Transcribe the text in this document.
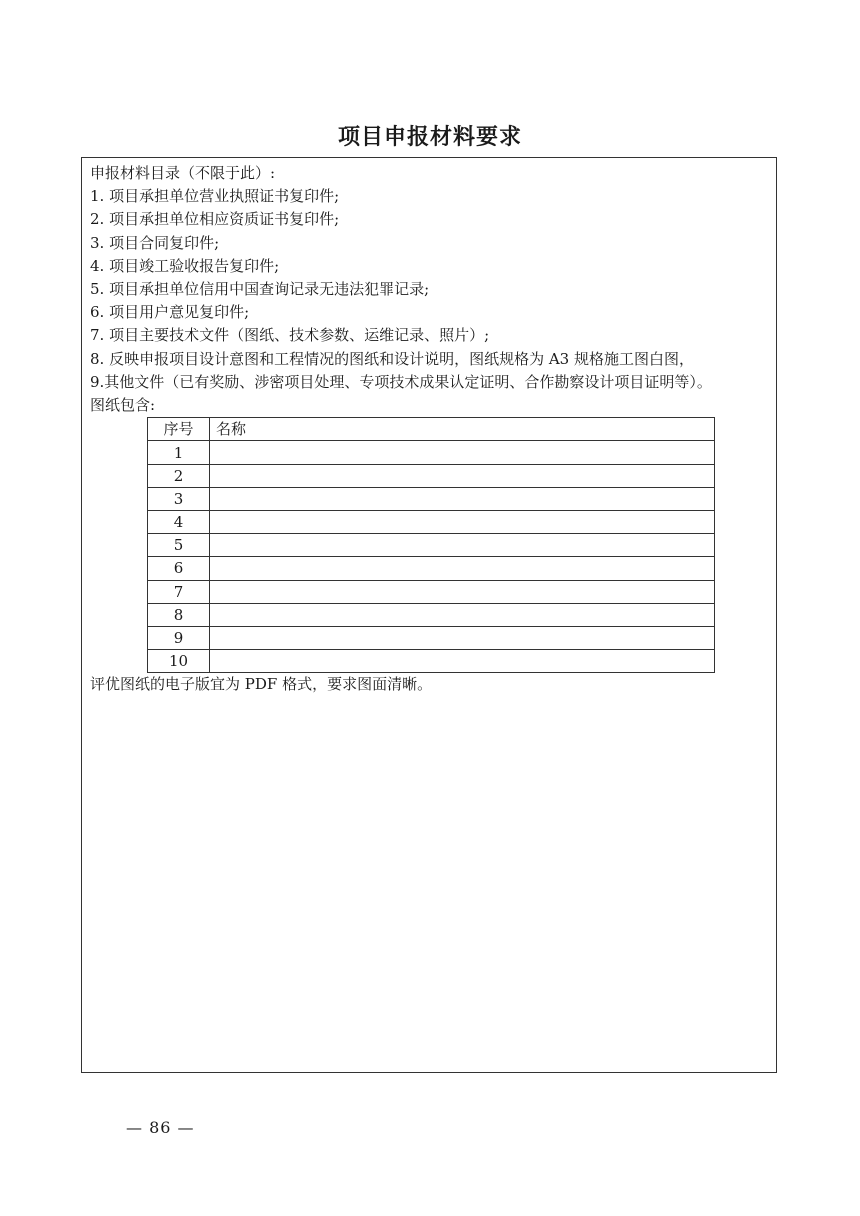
项目申报材料要求
申报材料目录（不限于此）:
1. 项目承担单位营业执照证书复印件;
2. 项目承担单位相应资质证书复印件;
3. 项目合同复印件;
4. 项目竣工验收报告复印件;
5. 项目承担单位信用中国查询记录无违法犯罪记录;
6. 项目用户意见复印件;
7. 项目主要技术文件（图纸、技术参数、运维记录、照片）;
8. 反映申报项目设计意图和工程情况的图纸和设计说明，图纸规格为 A3 规格施工图白图，
9.其他文件（已有奖励、涉密项目处理、专项技术成果认定证明、合作勘察设计项目证明等）。
图纸包含:
序号	名称
1	
2	
3	
4	
5	
6	
7	
8	
9	
10	
评优图纸的电子版宜为 PDF 格式，要求图面清晰。
— 86 —
